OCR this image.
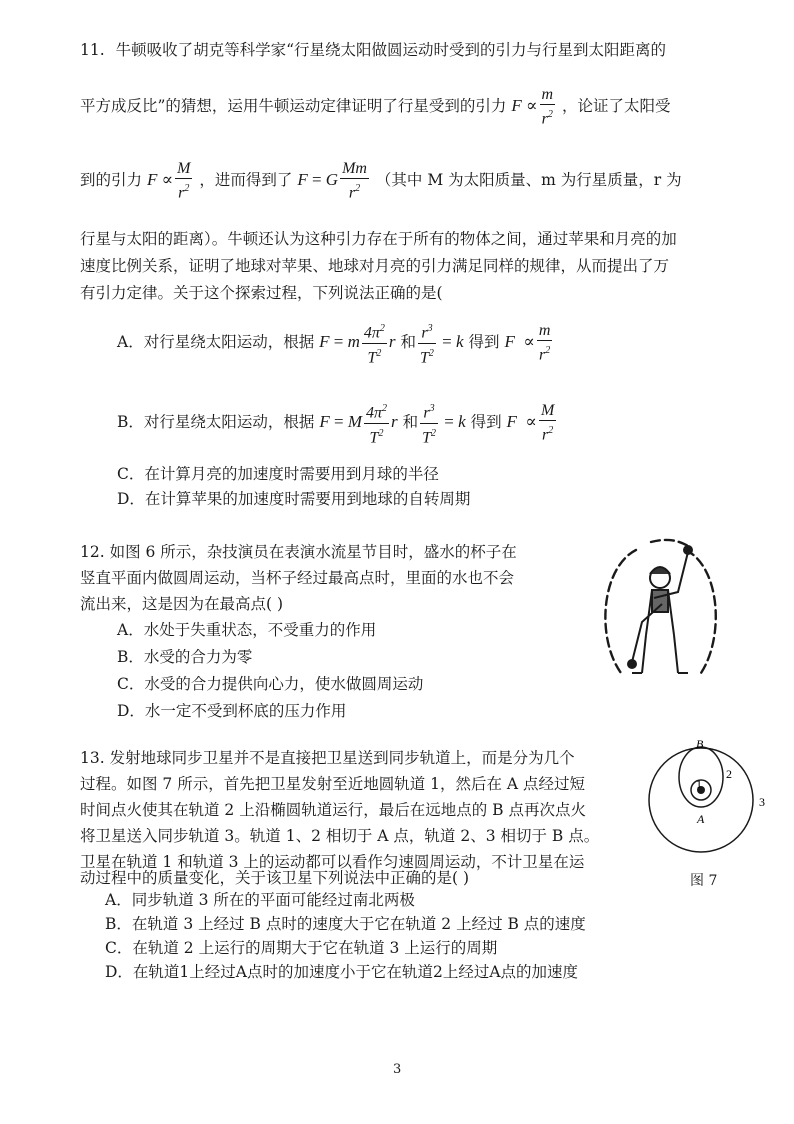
11. 牛顿吸收了胡克等科学家“行星绕太阳做圆运动时受到的引力与行星到太阳距离的
平方成反比”的猜想，运用牛顿运动定律证明了行星受到的引力 $F \propto \frac{m}{r^2}$ ，论证了太阳受
到的引力 $F \propto \frac{M}{r^2}$ ，进而得到了 F = G $\frac{Mm}{r^2}$ （其中 M 为太阳质量、m 为行星质量，r 为
行星与太阳的距离）。牛顿还认为这种引力存在于所有的物体之间，通过苹果和月亮的加
速度比例关系，证明了地球对苹果、地球对月亮的引力满足同样的规律，从而提出了万
有引力定律。关于这个探索过程，下列说法正确的是(
A．对行星绕太阳运动，根据 F = m $\frac{4\pi^2}{T^2}$ r 和 $\frac{r^3}{T^2} = k$ 得到 $F \propto \frac{m}{r^2}$
B．对行星绕太阳运动，根据 F = M $\frac{4\pi^2}{T^2}$ r 和 $\frac{r^3}{T^2} = k$ 得到 $F \propto \frac{M}{r^2}$
C．在计算月亮的加速度时需要用到月球的半径
D．在计算苹果的加速度时需要用到地球的自转周期
12. 如图 6 所示，杂技演员在表演水流星节目时，盛水的杯子在
竖直平面内做圆周运动，当杯子经过最高点时，里面的水也不会
流出来，这是因为在最高点( )
A．水处于失重状态，不受重力的作用
B．水受的合力为零
C．水受的合力提供向心力，使水做圆周运动
D．水一定不受到杯底的压力作用
13. 发射地球同步卫星并不是直接把卫星送到同步轨道上，而是分为几个
过程。如图 7 所示，首先把卫星发射至近地圆轨道 1，然后在 A 点经过短
时间点火使其在轨道 2 上沿椭圆轨道运行，最后在远地点的 B 点再次点火
将卫星送入同步轨道 3。轨道 1、2 相切于 A 点，轨道 2、3 相切于 B 点。
卫星在轨道 1 和轨道 3 上的运动都可以看作匀速圆周运动，不计卫星在运
动过程中的质量变化，关于该卫星下列说法中正确的是( )
A．同步轨道 3 所在的平面可能经过南北两极
B．在轨道 3 上经过 B 点时的速度大于它在轨道 2 上经过 B 点的速度
C．在轨道 2 上运行的周期大于它在轨道 3 上运行的周期
D．在轨道1上经过A点时的加速度小于它在轨道2上经过A点的加速度
B
1
2
3
A
图 7
3
